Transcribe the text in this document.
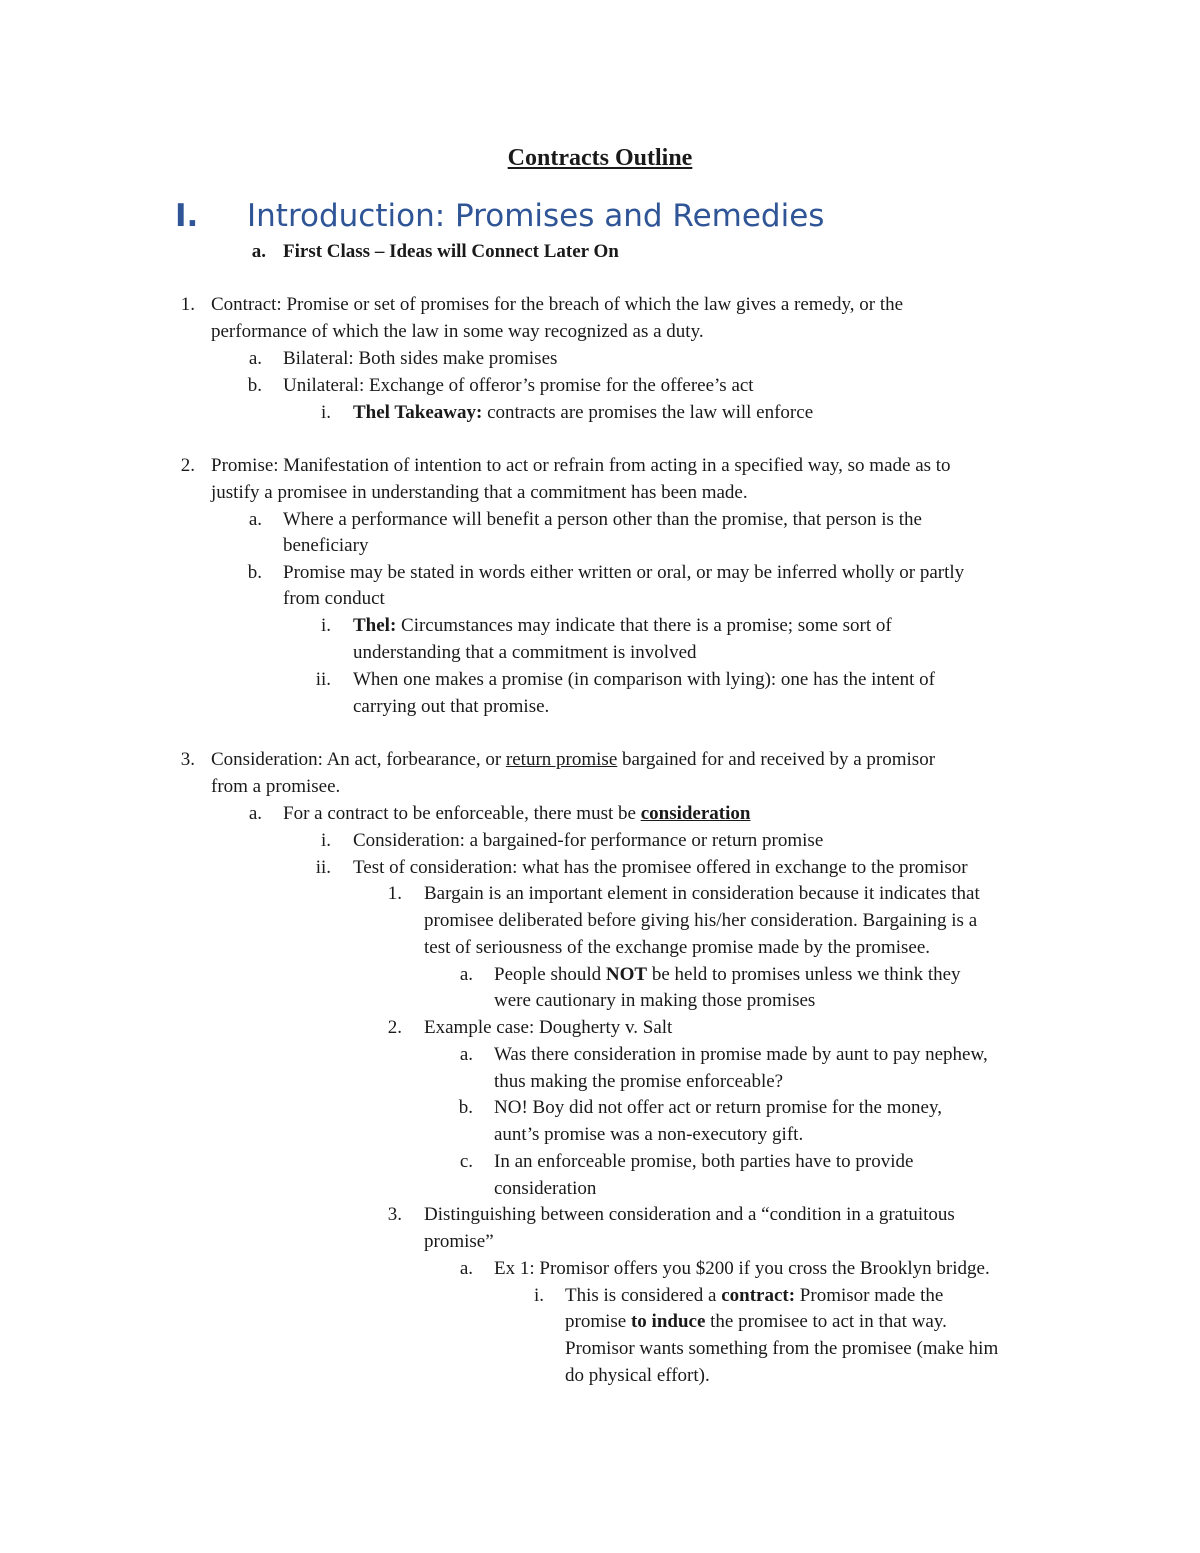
Contracts Outline
I. Introduction: Promises and Remedies
a. First Class – Ideas will Connect Later On
1. Contract: Promise or set of promises for the breach of which the law gives a remedy, or the
performance of which the law in some way recognized as a duty.
a. Bilateral: Both sides make promises
b. Unilateral: Exchange of offeror’s promise for the offeree’s act
i. Thel Takeaway: contracts are promises the law will enforce
2. Promise: Manifestation of intention to act or refrain from acting in a specified way, so made as to
justify a promisee in understanding that a commitment has been made.
a. Where a performance will benefit a person other than the promise, that person is the
beneficiary
b. Promise may be stated in words either written or oral, or may be inferred wholly or partly
from conduct
i. Thel: Circumstances may indicate that there is a promise; some sort of
understanding that a commitment is involved
ii. When one makes a promise (in comparison with lying): one has the intent of
carrying out that promise.
3. Consideration: An act, forbearance, or return promise bargained for and received by a promisor
from a promisee.
a. For a contract to be enforceable, there must be consideration
i. Consideration: a bargained-for performance or return promise
ii. Test of consideration: what has the promisee offered in exchange to the promisor
1. Bargain is an important element in consideration because it indicates that
promisee deliberated before giving his/her consideration. Bargaining is a
test of seriousness of the exchange promise made by the promisee.
a. People should NOT be held to promises unless we think they
were cautionary in making those promises
2. Example case: Dougherty v. Salt
a. Was there consideration in promise made by aunt to pay nephew,
thus making the promise enforceable?
b. NO! Boy did not offer act or return promise for the money,
aunt’s promise was a non-executory gift.
c. In an enforceable promise, both parties have to provide
consideration
3. Distinguishing between consideration and a “condition in a gratuitous
promise”
a. Ex 1: Promisor offers you $200 if you cross the Brooklyn bridge.
i. This is considered a contract: Promisor made the
promise to induce the promisee to act in that way.
Promisor wants something from the promisee (make him
do physical effort).
